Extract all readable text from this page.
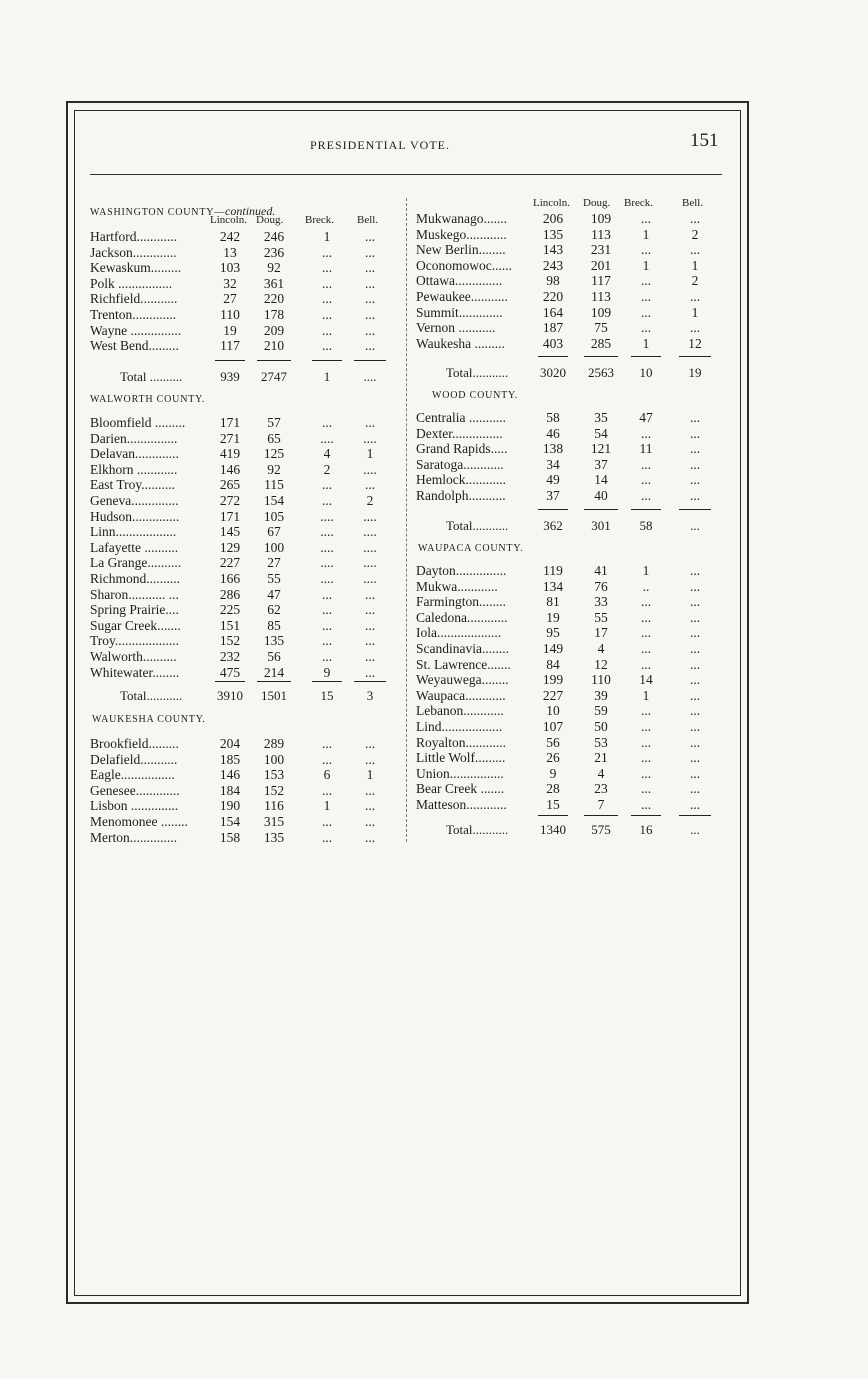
PRESIDENTIAL VOTE.	151
WASHINGTON COUNTY—continued.
Lincoln. Doug. Breck. Bell.
Hartford............	242	246	1	...
Jackson.............	13	236	...	...
Kewaskum.........	103	92	...	...
Polk ................	32	361	...	...
Richfield...........	27	220	...	...
Trenton.............	110	178	...	...
Wayne ...............	19	209	...	...
West Bend.........	117	210	...	...
Total ..........	939	2747	1	....
WALWORTH COUNTY.
Bloomfield .........	171	57	...	...
Darien...............	271	65	....	....
Delavan.............	419	125	4	1
Elkhorn ............	146	92	2	....
East Troy..........	265	115	...	...
Geneva..............	272	154	...	2
Hudson..............	171	105	....	....
Linn..................	145	67	....	....
Lafayette ..........	129	100	....	....
La Grange..........	227	27	....	....
Richmond..........	166	55	....	....
Sharon........... ...	286	47	...	...
Spring Prairie....	225	62	...	...
Sugar Creek.......	151	85	...	...
Troy...................	152	135	...	...
Walworth..........	232	56	...	...
Whitewater........	475	214	9	...
Total...........	3910	1501	15	3
WAUKESHA COUNTY.
Brookfield.........	204	289	...	...
Delafield...........	185	100	...	...
Eagle................	146	153	6	1
Genesee.............	184	152	...	...
Lisbon ..............	190	116	1	...
Menomonee ........	154	315	...	...
Merton..............	158	135	...	...
Lincoln. Doug. Breck.	Bell.
Mukwanago.......	206	109	...	...
Muskego............	135	113	1	2
New Berlin........	143	231	...	...
Oconomowoc......	243	201	1	1
Ottawa..............	98	117	...	2
Pewaukee...........	220	113	...	...
Summit.............	164	109	...	1
Vernon ...........	187	75	...	...
Waukesha .........	403	285	1	12
Total...........	3020	2563	10	19
WOOD COUNTY.
Centralia ...........	58	35	47	...
Dexter...............	46	54	...	...
Grand Rapids.....	138	121	11	...
Saratoga............	34	37	...	...
Hemlock............	49	14	...	...
Randolph...........	37	40	...	...
Total...........	362	301	58	...
WAUPACA COUNTY.
Dayton...............	119	41	1	...
Mukwa............	134	76	..	...
Farmington........	81	33	...	...
Caledona............	19	55	...	...
Iola...................	95	17	...	...
Scandinavia........	149	4	...	...
St. Lawrence.......	84	12	...	...
Weyauwega........	199	110	14	...
Waupaca............	227	39	1	...
Lebanon............	10	59	...	...
Lind..................	107	50	...	...
Royalton............	56	53	...	...
Little Wolf.........	26	21	...	...
Union................	9	4	...	...
Bear Creek .......	28	23	...	...
Matteson............	15	7	...	...
Total...........	1340	575	16	...
